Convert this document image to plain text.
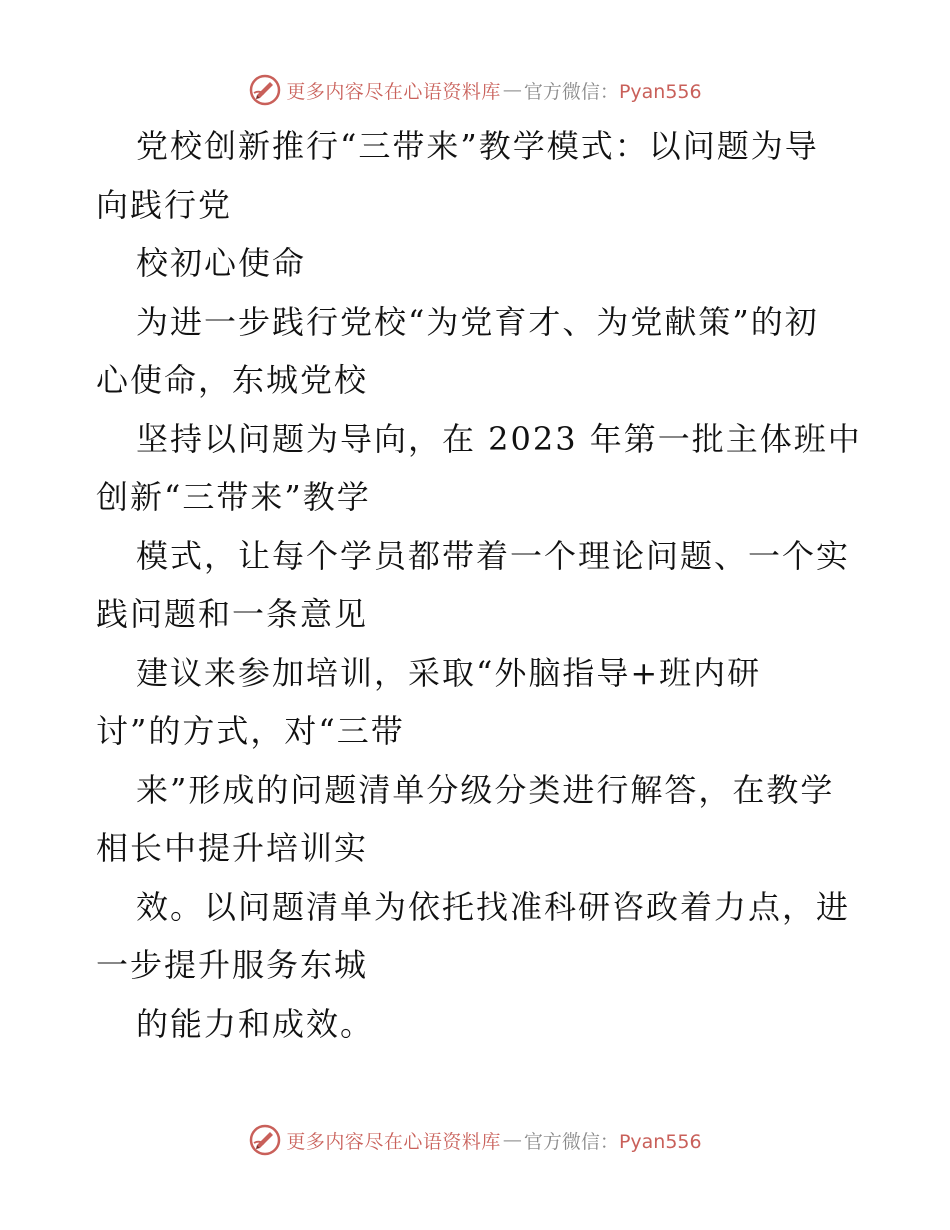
更多内容尽在心语资料库 — 官方微信：Pyan556
党校创新推行“三带来”教学模式：以问题为导
向践行党
校初心使命
为进一步践行党校“为党育才、为党献策”的初
心使命，东城党校
坚持以问题为导向，在 2023 年第一批主体班中
创新“三带来”教学
模式，让每个学员都带着一个理论问题、一个实
践问题和一条意见
建议来参加培训，采取“外脑指导+班内研
讨”的方式，对“三带
来”形成的问题清单分级分类进行解答，在教学
相长中提升培训实
效。以问题清单为依托找准科研咨政着力点，进
一步提升服务东城
的能力和成效。
更多内容尽在心语资料库 — 官方微信：Pyan556
